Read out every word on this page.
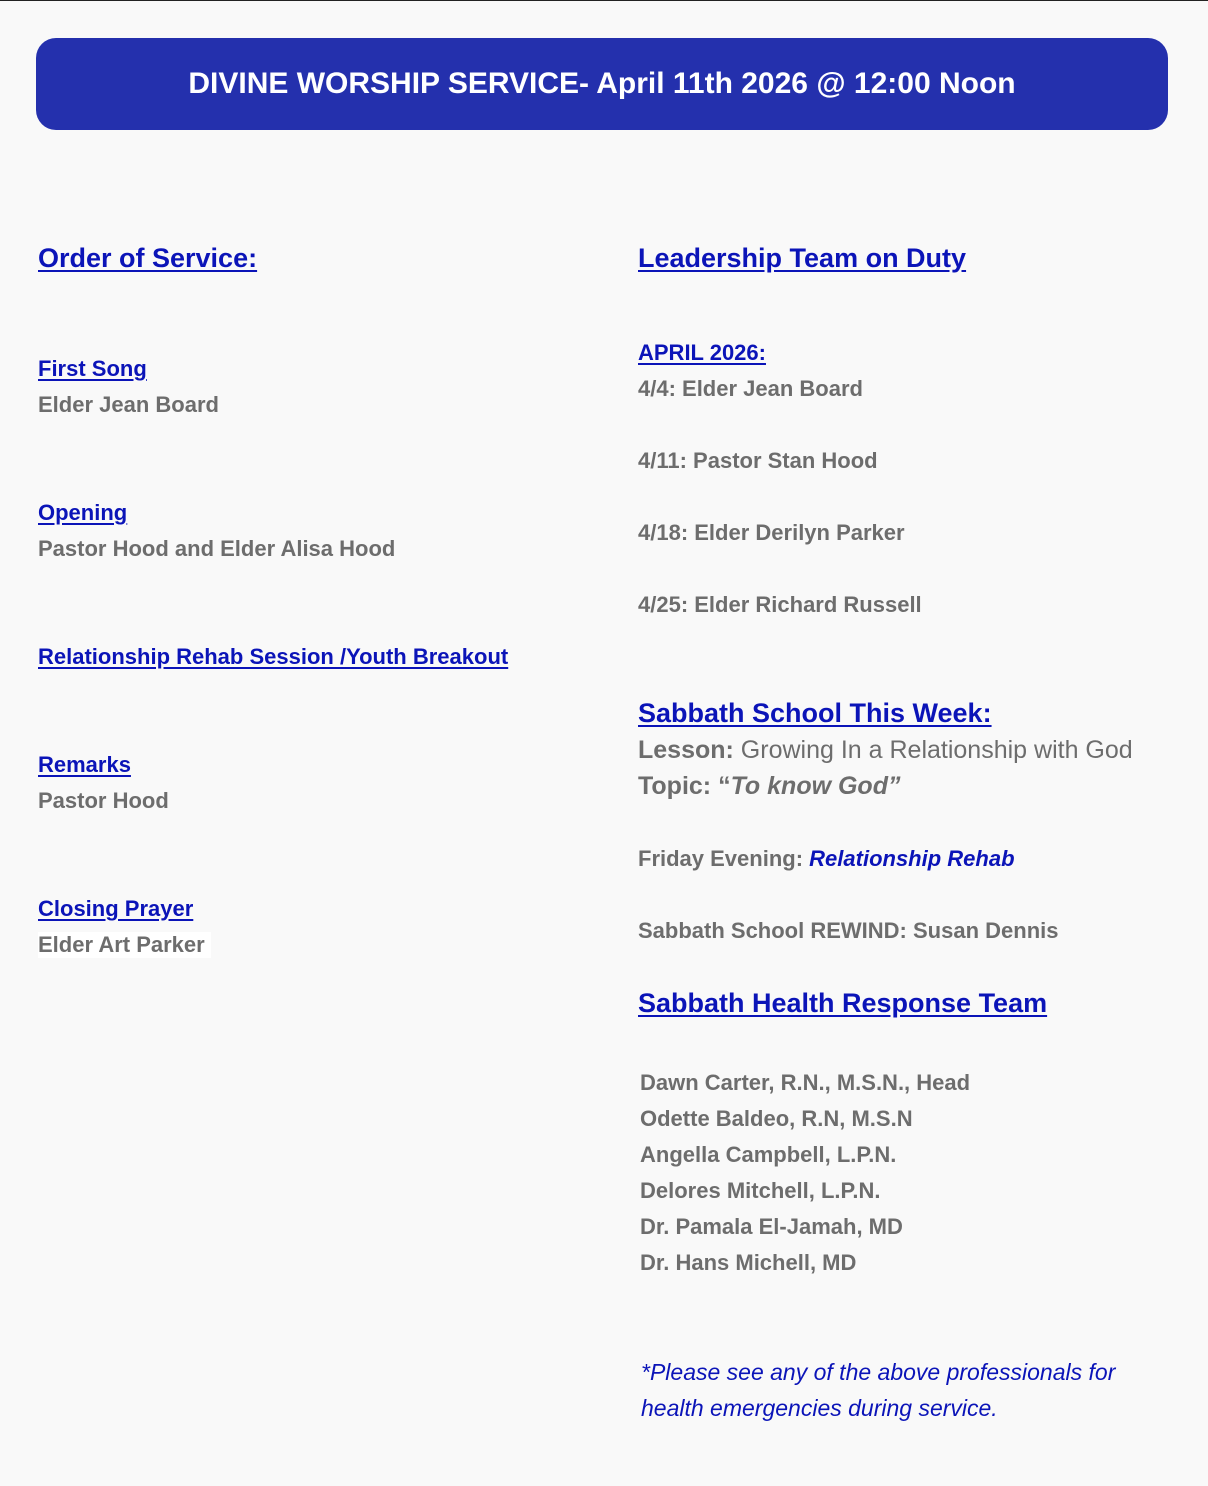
DIVINE WORSHIP SERVICE- April 11th 2026 @ 12:00 Noon
Order of Service:
First Song
Elder Jean Board
Opening
Pastor Hood and Elder Alisa Hood
Relationship Rehab Session /Youth Breakout
Remarks
Pastor Hood
Closing Prayer
Elder Art Parker
Leadership Team on Duty
APRIL 2026:
4/4: Elder Jean Board
4/11: Pastor Stan Hood
4/18: Elder Derilyn Parker
4/25: Elder Richard Russell
Sabbath School This Week:
Lesson: Growing In a Relationship with God
Topic: “To know God”
Friday Evening: Relationship Rehab
Sabbath School REWIND: Susan Dennis
Sabbath Health Response Team
Dawn Carter, R.N., M.S.N., Head
Odette Baldeo, R.N, M.S.N
Angella Campbell, L.P.N.
Delores Mitchell, L.P.N.
Dr. Pamala El-Jamah, MD
Dr. Hans Michell, MD
*Please see any of the above professionals for
health emergencies during service.
